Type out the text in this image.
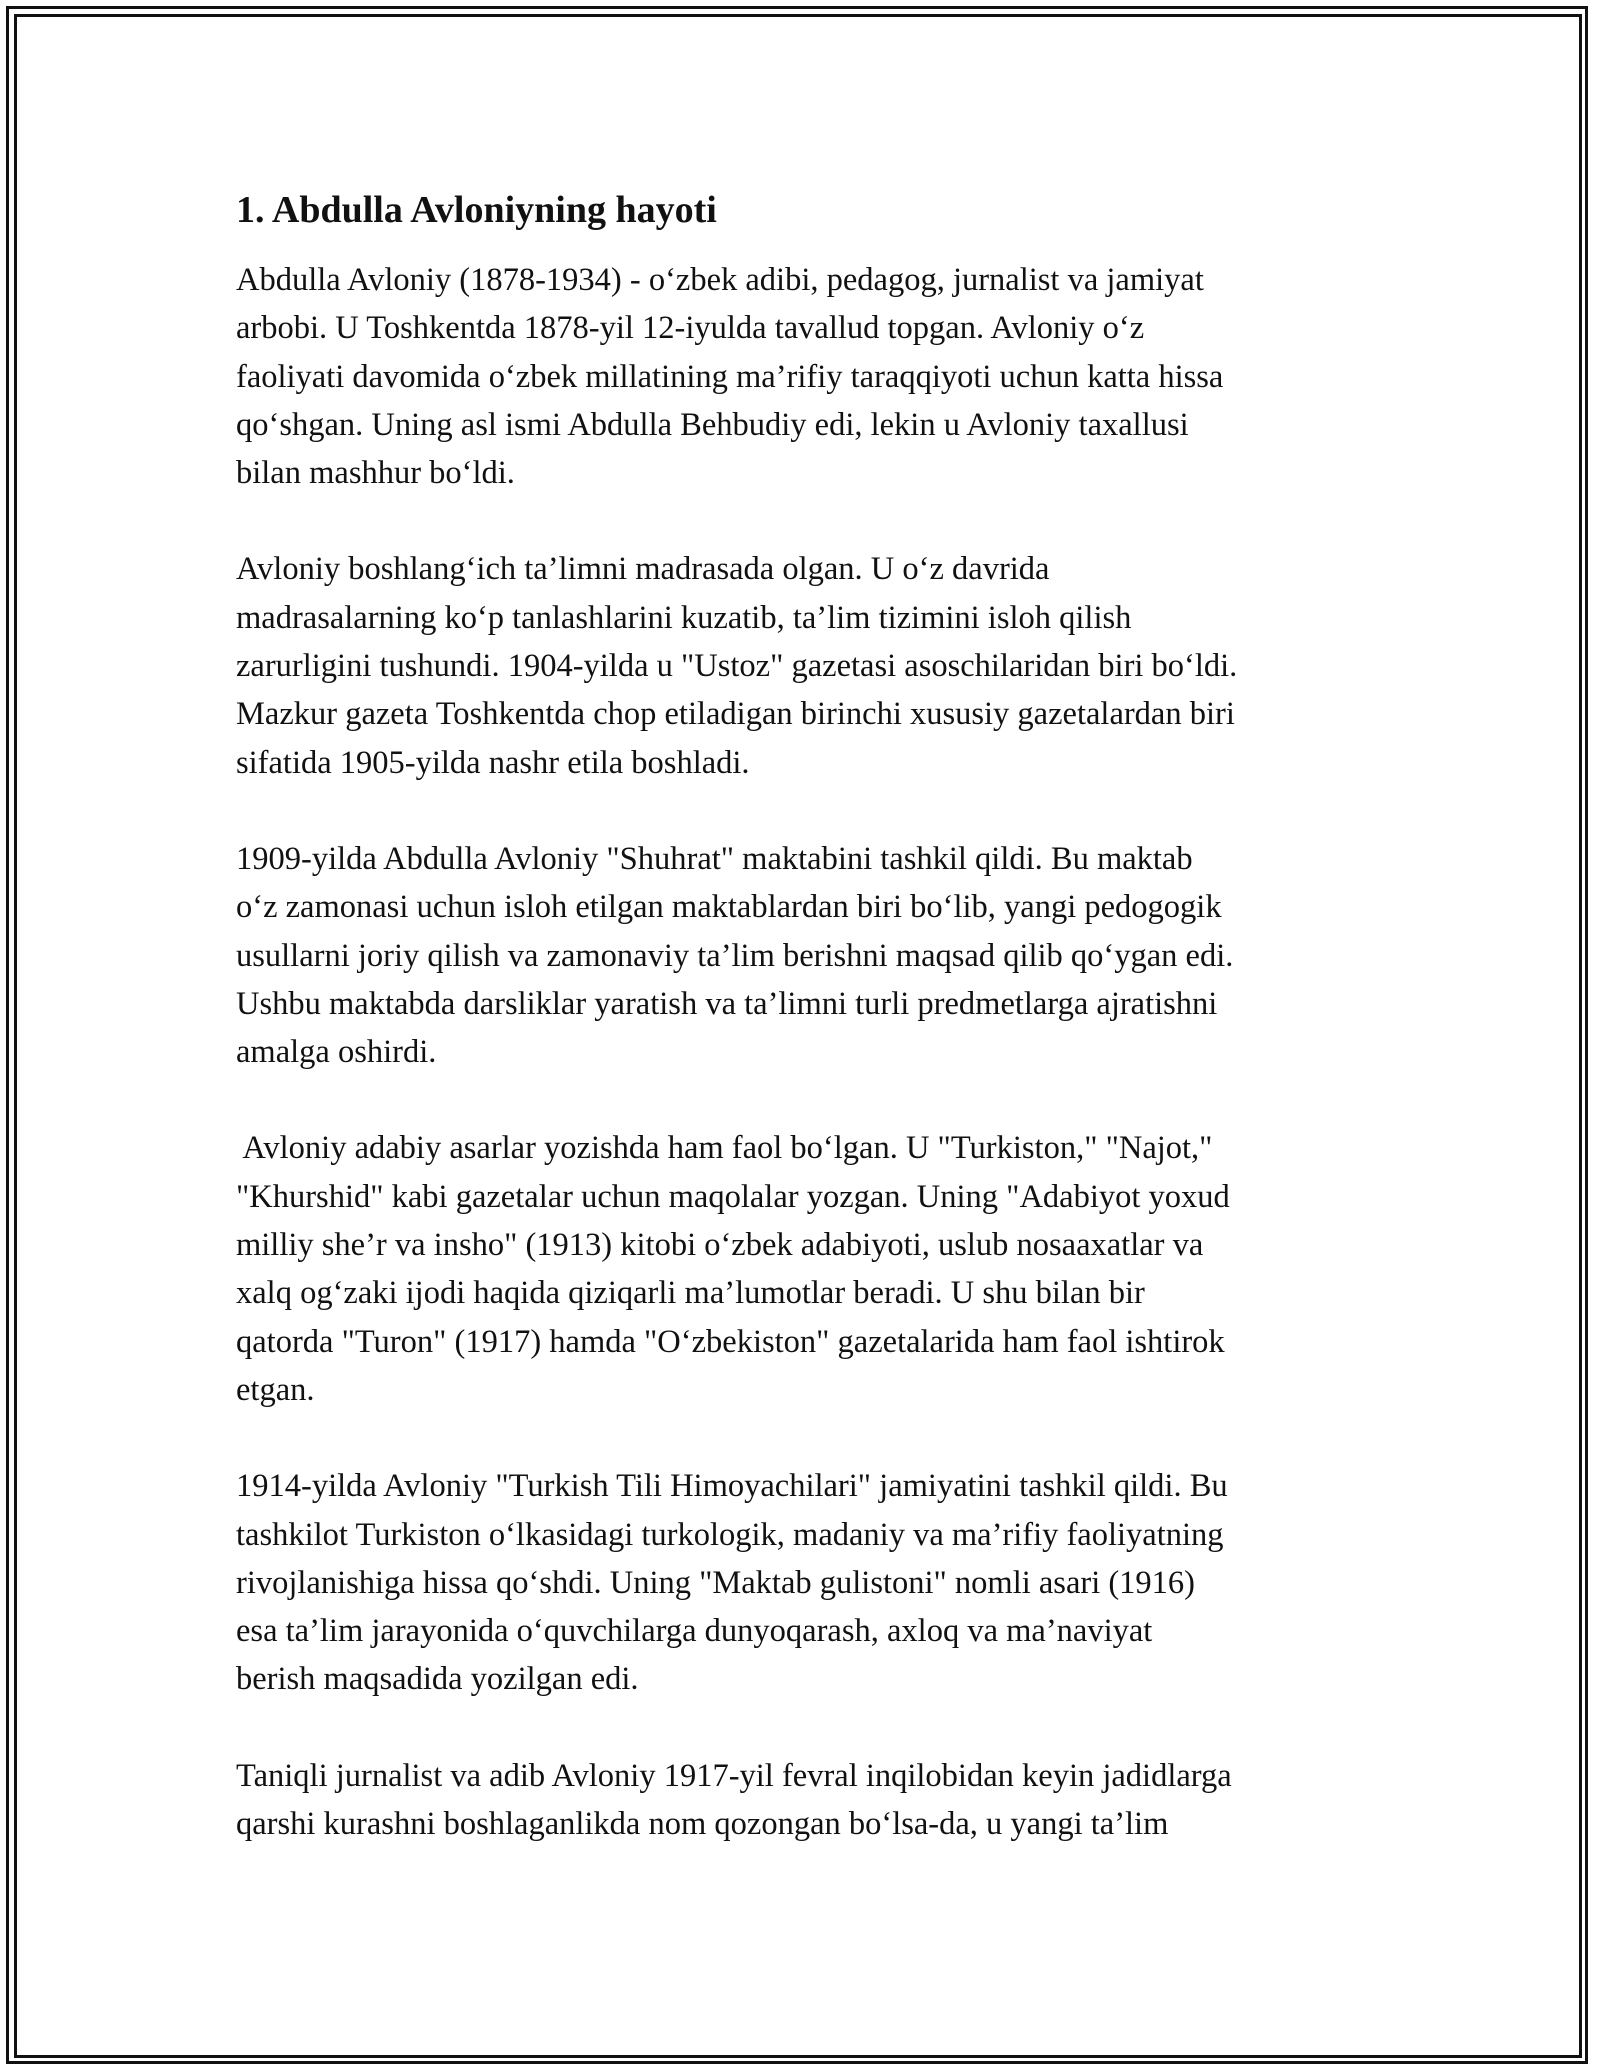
1. Abdulla Avloniyning hayoti
Abdulla Avloniy (1878-1934) - o‘zbek adibi, pedagog, jurnalist va jamiyat
arbobi. U Toshkentda 1878-yil 12-iyulda tavallud topgan. Avloniy o‘z
faoliyati davomida o‘zbek millatining ma’rifiy taraqqiyoti uchun katta hissa
qo‘shgan. Uning asl ismi Abdulla Behbudiy edi, lekin u Avloniy taxallusi
bilan mashhur bo‘ldi.
Avloniy boshlang‘ich ta’limni madrasada olgan. U o‘z davrida
madrasalarning ko‘p tanlashlarini kuzatib, ta’lim tizimini isloh qilish
zarurligini tushundi. 1904-yilda u "Ustoz" gazetasi asoschilaridan biri bo‘ldi.
Mazkur gazeta Toshkentda chop etiladigan birinchi xususiy gazetalardan biri
sifatida 1905-yilda nashr etila boshladi.
1909-yilda Abdulla Avloniy "Shuhrat" maktabini tashkil qildi. Bu maktab
o‘z zamonasi uchun isloh etilgan maktablardan biri bo‘lib, yangi pedogogik
usullarni joriy qilish va zamonaviy ta’lim berishni maqsad qilib qo‘ygan edi.
Ushbu maktabda darsliklar yaratish va ta’limni turli predmetlarga ajratishni
amalga oshirdi.
Avloniy adabiy asarlar yozishda ham faol bo‘lgan. U "Turkiston," "Najot,"
"Khurshid" kabi gazetalar uchun maqolalar yozgan. Uning "Adabiyot yoxud
milliy she’r va insho" (1913) kitobi o‘zbek adabiyoti, uslub nosaaxatlar va
xalq og‘zaki ijodi haqida qiziqarli ma’lumotlar beradi. U shu bilan bir
qatorda "Turon" (1917) hamda "O‘zbekiston" gazetalarida ham faol ishtirok
etgan.
1914-yilda Avloniy "Turkish Tili Himoyachilari" jamiyatini tashkil qildi. Bu
tashkilot Turkiston o‘lkasidagi turkologik, madaniy va ma’rifiy faoliyatning
rivojlanishiga hissa qo‘shdi. Uning "Maktab gulistoni" nomli asari (1916)
esa ta’lim jarayonida o‘quvchilarga dunyoqarash, axloq va ma’naviyat
berish maqsadida yozilgan edi.
Taniqli jurnalist va adib Avloniy 1917-yil fevral inqilobidan keyin jadidlarga
qarshi kurashni boshlaganlikda nom qozongan bo‘lsa-da, u yangi ta’lim
